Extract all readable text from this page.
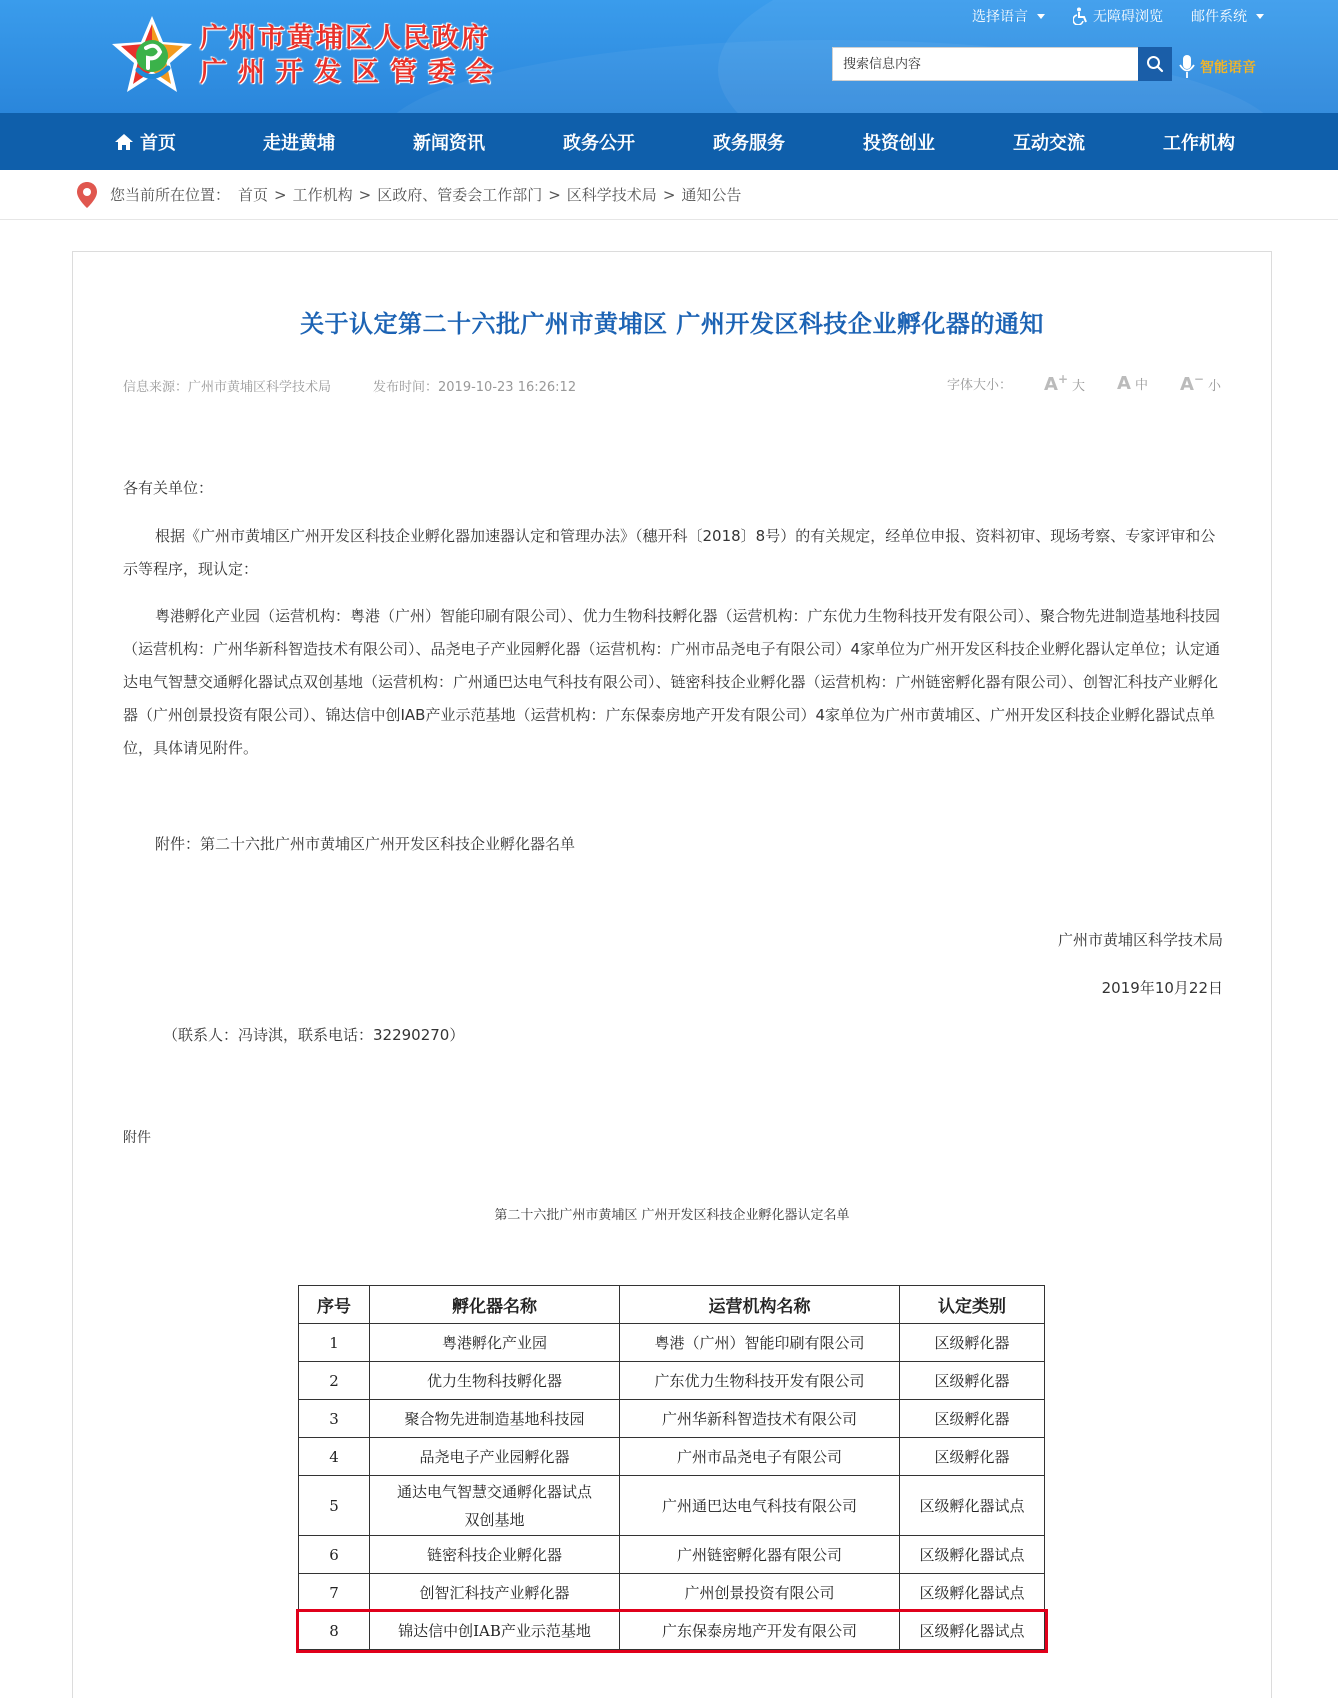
广州市黄埔区人民政府
广州开发区管委会
选择语言	无障碍浏览 邮件系统
搜索信息内容
智能语音
首页	走进黄埔	新闻资讯	政务公开	政务服务	投资创业	互动交流	工作机构
您当前所在位置： 首页 > 工作机构 > 区政府、管委会工作部门 > 区科学技术局 > 通知公告
关于认定第二十六批广州市黄埔区 广州开发区科技企业孵化器的通知
信息来源：广州市黄埔区科学技术局	发布时间：2019-10-23 16:26:12	字体大小： A+ 大 A 中 A− 小

各有关单位：

根据《广州市黄埔区广州开发区科技企业孵化器加速器认定和管理办法》（穗开科〔2018〕8号）的有关规定，经单位申报、资料初审、现场考察、专家评审和公示等程序，现认定：

粤港孵化产业园（运营机构：粤港（广州）智能印刷有限公司）、优力生物科技孵化器（运营机构：广东优力生物科技开发有限公司）、聚合物先进制造基地科技园（运营机构：广州华新科智造技术有限公司）、品尧电子产业园孵化器（运营机构：广州市品尧电子有限公司）4家单位为广州开发区科技企业孵化器认定单位；认定通达电气智慧交通孵化器试点双创基地（运营机构：广州通巴达电气科技有限公司）、链密科技企业孵化器（运营机构：广州链密孵化器有限公司）、创智汇科技产业孵化器（广州创景投资有限公司）、锦达信中创IAB产业示范基地（运营机构：广东保泰房地产开发有限公司）4家单位为广州市黄埔区、广州开发区科技企业孵化器试点单位，具体请见附件。

附件：第二十六批广州市黄埔区广州开发区科技企业孵化器名单

广州市黄埔区科学技术局

2019年10月22日

（联系人：冯诗淇，联系电话：32290270）

附件

第二十六批广州市黄埔区 广州开发区科技企业孵化器认定名单
序号	孵化器名称	运营机构名称	认定类别
1	粤港孵化产业园	粤港（广州）智能印刷有限公司	区级孵化器
2	优力生物科技孵化器	广东优力生物科技开发有限公司	区级孵化器
3	聚合物先进制造基地科技园	广州华新科智造技术有限公司	区级孵化器
4	品尧电子产业园孵化器	广州市品尧电子有限公司	区级孵化器
5	通达电气智慧交通孵化器试点双创基地	广州通巴达电气科技有限公司	区级孵化器试点
6	链密科技企业孵化器	广州链密孵化器有限公司	区级孵化器试点
7	创智汇科技产业孵化器	广州创景投资有限公司	区级孵化器试点
8	锦达信中创IAB产业示范基地	广东保泰房地产开发有限公司	区级孵化器试点
